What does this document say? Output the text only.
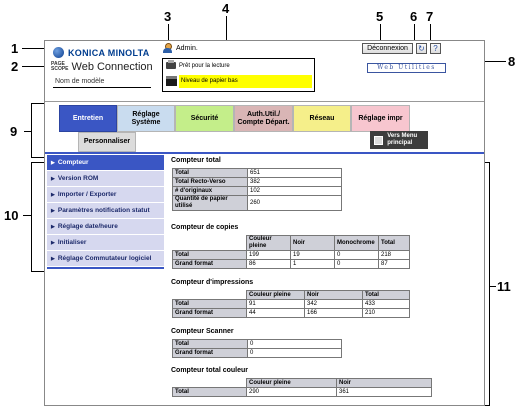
1
2
3
4
5 6 7
8
9
10
11
KONICA MINOLTA
PAGE
SCOPE Web Connection
Nom de modèle
Admin.
Prêt pour la lecture
Niveau de papier bas
Déconnexion	↻	?
Web Utilities
Entretien
Réglage Système
Sécurité
Auth.Util./
Compte Départ.
Réseau	Réglage impr
Personnaliser
Vers Menu principal
▶ Compteur
▶ Version ROM
▶ Importer / Exporter
▶ Paramètres notification statut
▶ Réglage date/heure
▶ Initialiser
▶ Réglage Commutateur logiciel
Compteur total
Total	651
Total Recto-Verso	382
# d'originaux	102
Quantité de papier utilisé	260
Compteur de copies
	Couleur pleine	Noir	Monochrome	Total
Total	199	19	0	218
Grand format	86	1	0	87
Compteur d'impressions
	Couleur pleine	Noir	Total
Total	91	342	433
Grand format	44	166	210
Compteur Scanner
Total	0
Grand format	0
Compteur total couleur
	Couleur pleine	Noir
Total	290	361
